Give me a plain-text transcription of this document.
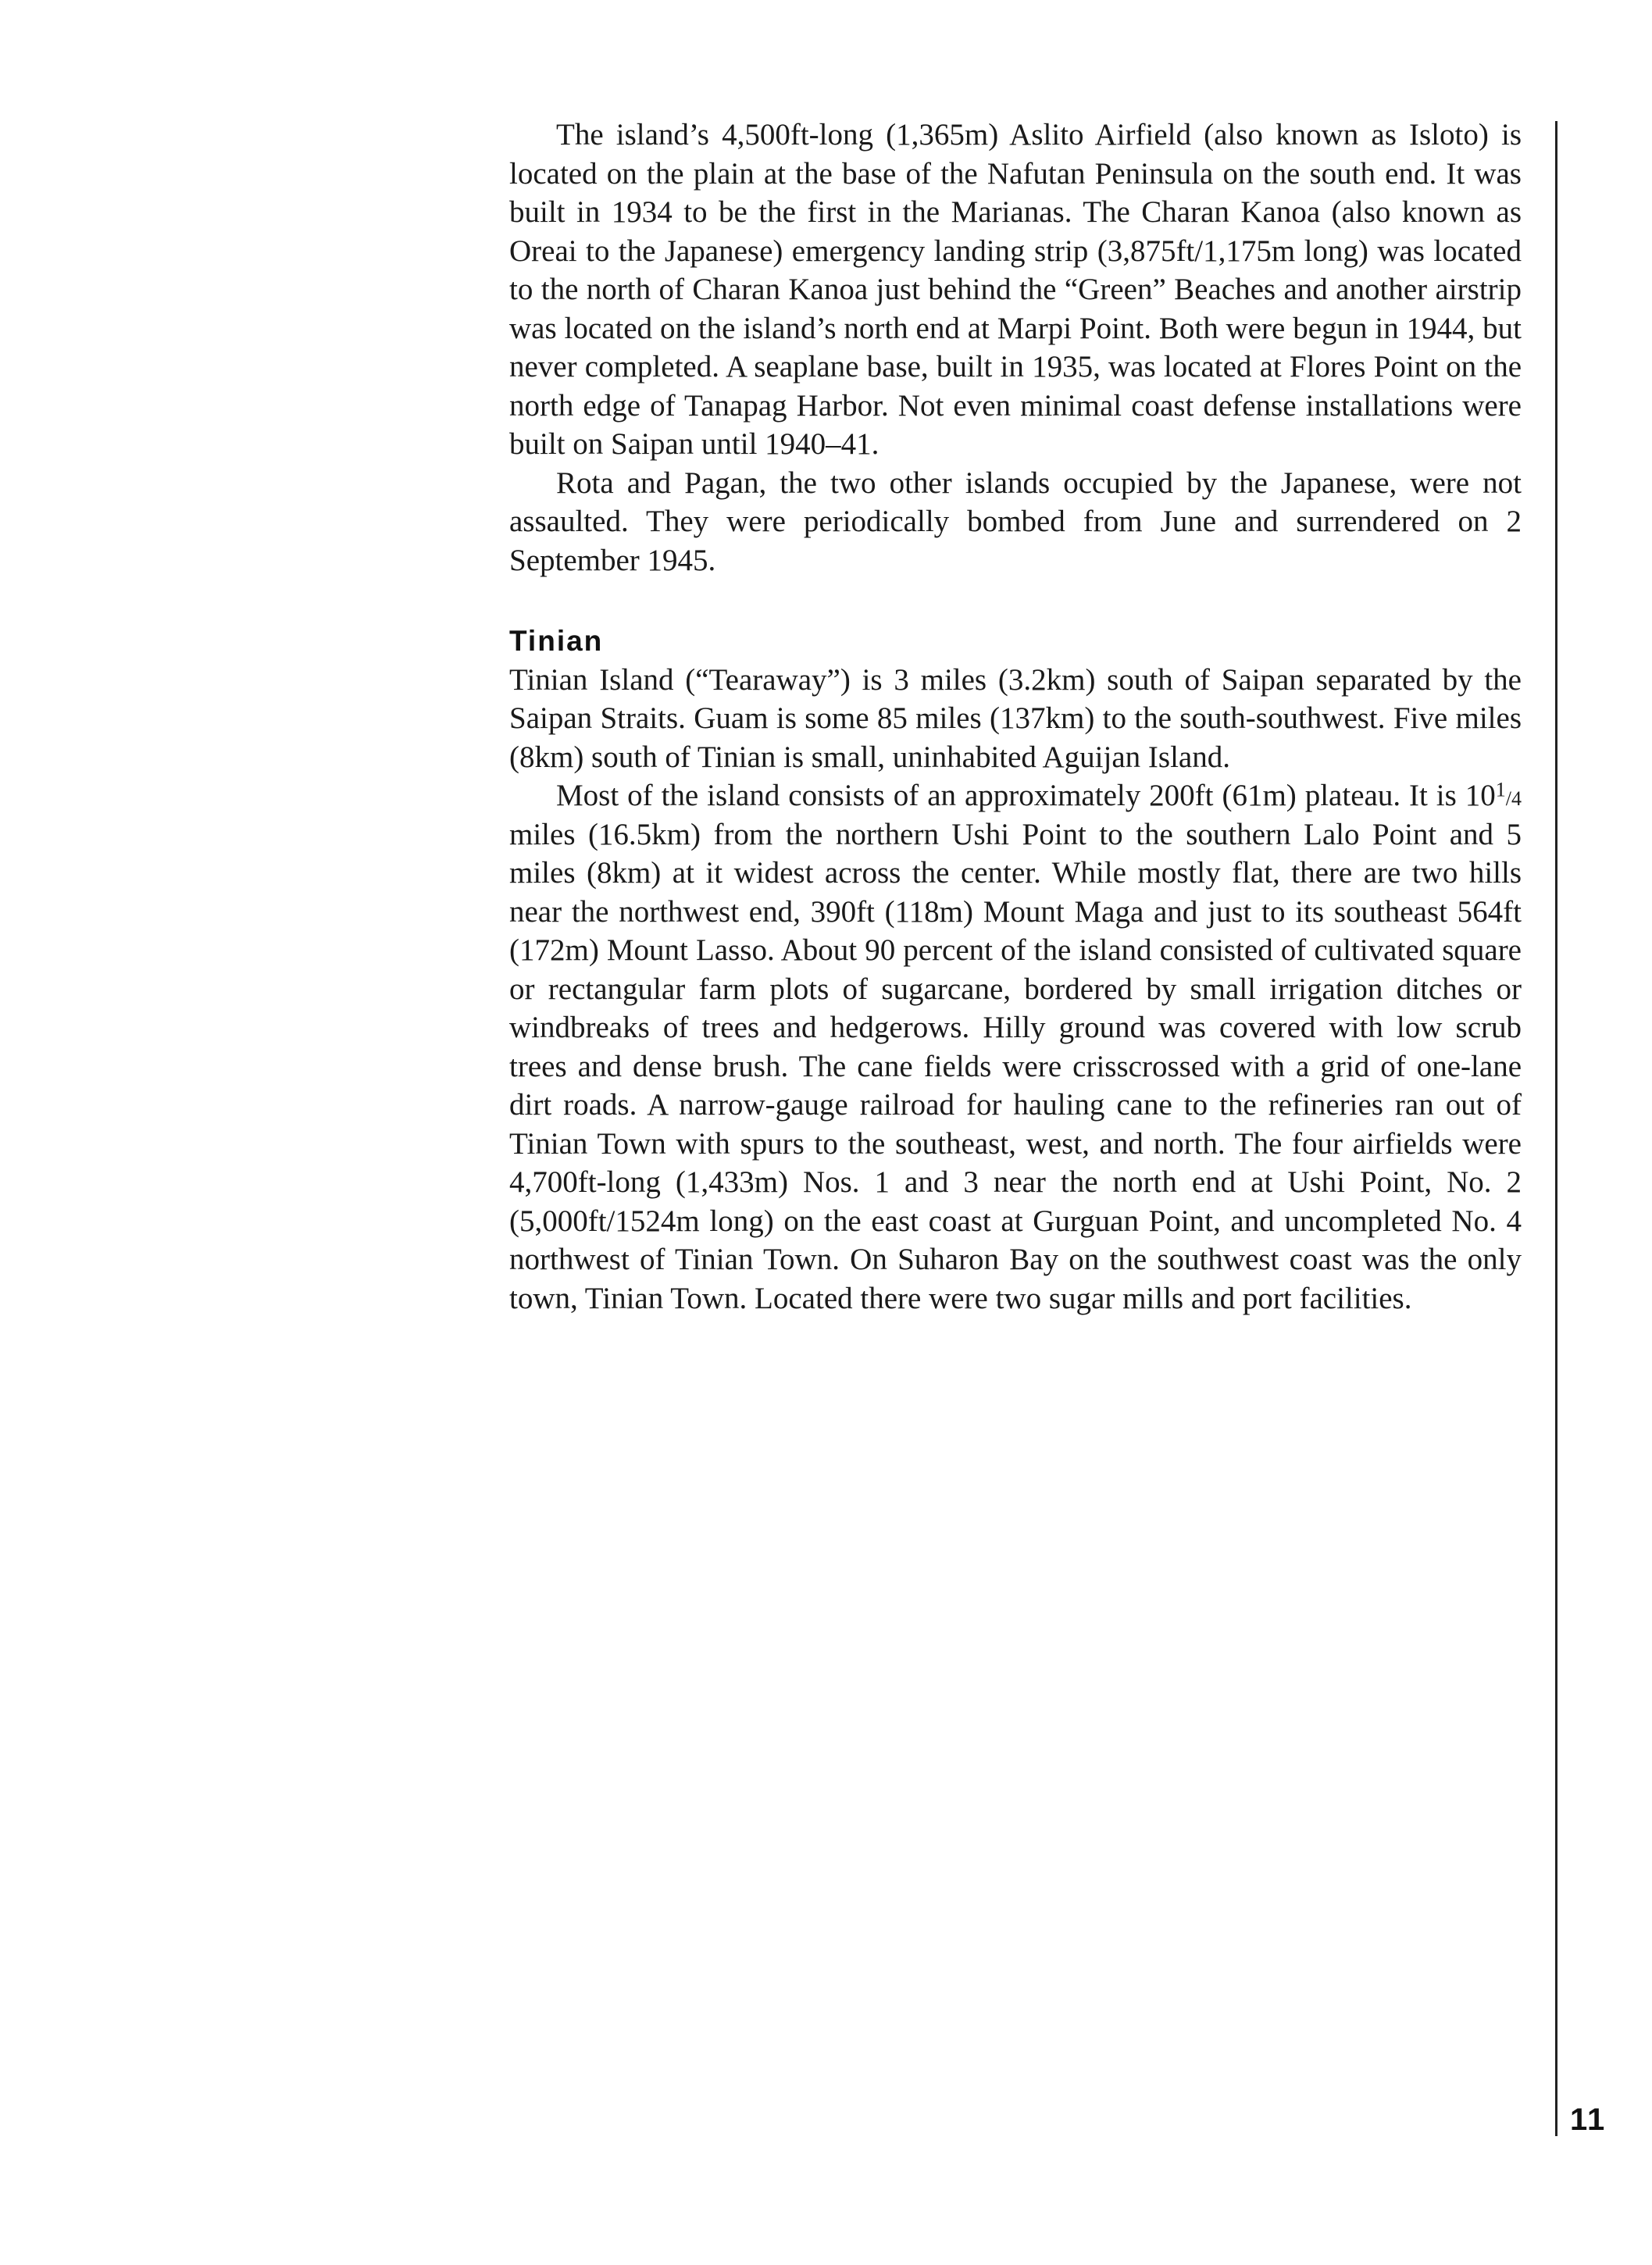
The island’s 4,500ft-long (1,365m) Aslito Airfield (also known as Isloto) is located on the plain at the base of the Nafutan Peninsula on the south end. It was built in 1934 to be the first in the Marianas. The Charan Kanoa (also known as Oreai to the Japanese) emergency landing strip (3,875ft/1,175m long) was located to the north of Charan Kanoa just behind the “Green” Beaches and another airstrip was located on the island’s north end at Marpi Point. Both were begun in 1944, but never completed. A seaplane base, built in 1935, was located at Flores Point on the north edge of Tanapag Harbor. Not even minimal coast defense installations were built on Saipan until 1940–41.

Rota and Pagan, the two other islands occupied by the Japanese, were not assaulted. They were periodically bombed from June and surrendered on 2 September 1945.

Tinian

Tinian Island (“Tearaway”) is 3 miles (3.2km) south of Saipan separated by the Saipan Straits. Guam is some 85 miles (137km) to the south-southwest. Five miles (8km) south of Tinian is small, uninhabited Aguijan Island.

Most of the island consists of an approximately 200ft (61m) plateau. It is $10^1/4$ miles (16.5km) from the northern Ushi Point to the southern Lalo Point and 5 miles (8km) at it widest across the center. While mostly flat, there are two hills near the northwest end, 390ft (118m) Mount Maga and just to its southeast 564ft (172m) Mount Lasso. About 90 percent of the island consisted of cultivated square or rectangular farm plots of sugarcane, bordered by small irrigation ditches or windbreaks of trees and hedgerows. Hilly ground was covered with low scrub trees and dense brush. The cane fields were crisscrossed with a grid of one-lane dirt roads. A narrow-gauge railroad for hauling cane to the refineries ran out of Tinian Town with spurs to the southeast, west, and north. The four airfields were 4,700ft-long (1,433m) Nos. 1 and 3 near the north end at Ushi Point, No. 2 (5,000ft/1524m long) on the east coast at Gurguan Point, and uncompleted No. 4 northwest of Tinian Town. On Suharon Bay on the southwest coast was the only town, Tinian Town. Located there were two sugar mills and port facilities.

11
